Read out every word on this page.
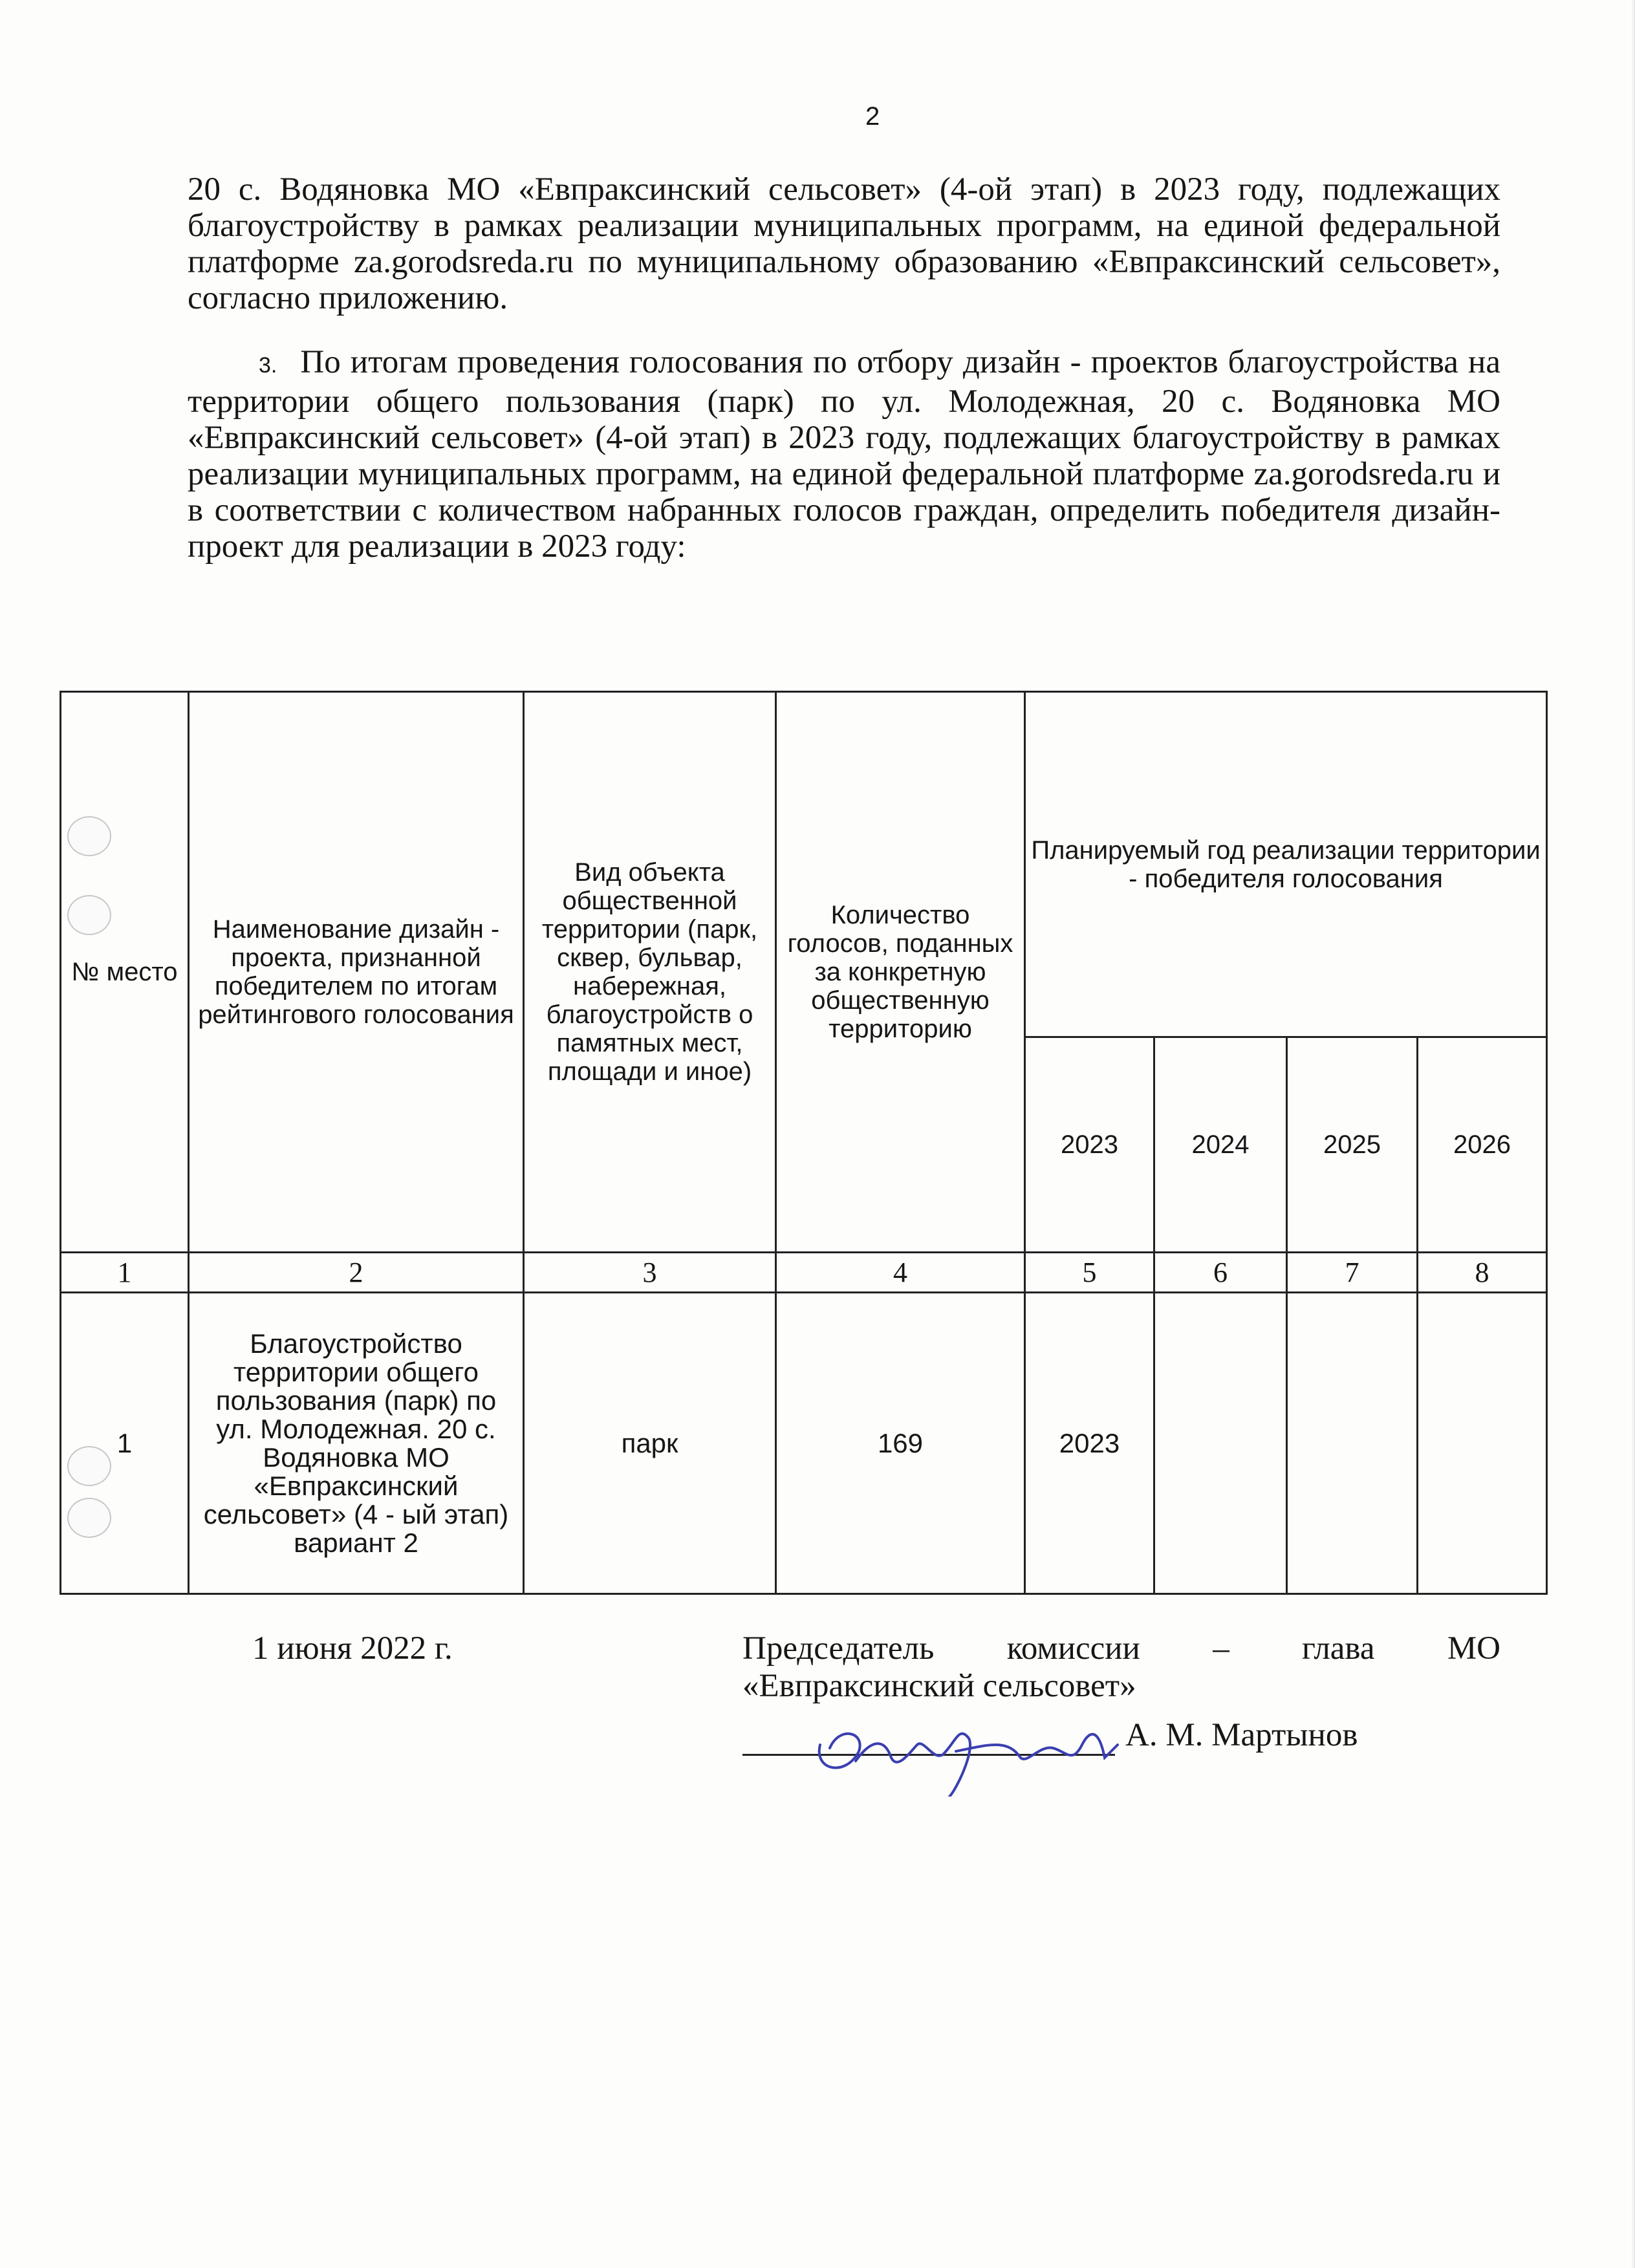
2
20 с. Водяновка МО «Евпраксинский сельсовет» (4-ой этап) в 2023 году, подлежащих благоустройству в рамках реализации муниципальных программ, на единой федеральной платформе za.gorodsreda.ru по муниципальному образованию «Евпраксинский сельсовет», согласно приложению.
3. По итогам проведения голосования по отбору дизайн - проектов благоустройства на территории общего пользования (парк) по ул. Молодежная, 20 с. Водяновка МО «Евпраксинский сельсовет» (4-ой этап) в 2023 году, подлежащих благоустройству в рамках реализации муниципальных программ, на единой федеральной платформе za.gorodsreda.ru и в соответствии с количеством набранных голосов граждан, определить победителя дизайн-проект для реализации в 2023 году:
№ место	Наименование дизайн - проекта, признанной победителем по итогам рейтингового голосования	Вид объекта общественной территории (парк, сквер, бульвар, набережная, благоустройств о памятных мест, площади и иное)	Количество голосов, поданных за конкретную общественную территорию	Планируемый год реализации территории - победителя голосования			
				2023	2024	2025	2026
1	2	3	4	5	6	7	8
1	Благоустройство территории общего пользования (парк) по ул. Молодежная. 20 с. Водяновка МО «Евпраксинский сельсовет» (4 - ый этап) вариант 2	парк	169	2023			
1 июня 2022 г.	Председатель комиссии – глава МО
«Евпраксинский сельсовет»
А. М. Мартынов
